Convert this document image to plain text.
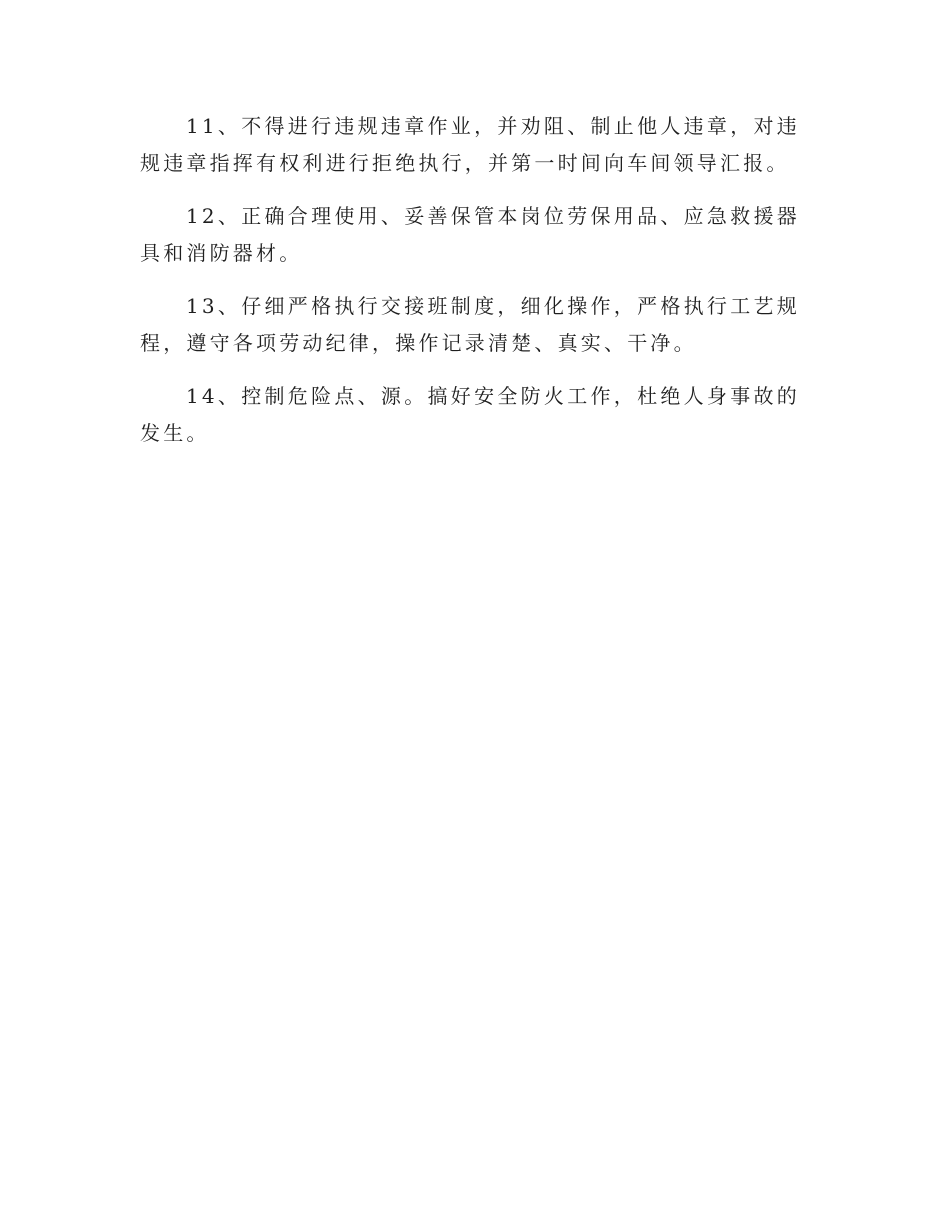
11、不得进行违规违章作业，并劝阻、制止他人违章，对违规违章指挥有权利进行拒绝执行，并第一时间向车间领导汇报。

12、正确合理使用、妥善保管本岗位劳保用品、应急救援器具和消防器材。

13、仔细严格执行交接班制度，细化操作，严格执行工艺规程，遵守各项劳动纪律，操作记录清楚、真实、干净。

14、控制危险点、源。搞好安全防火工作，杜绝人身事故的发生。
